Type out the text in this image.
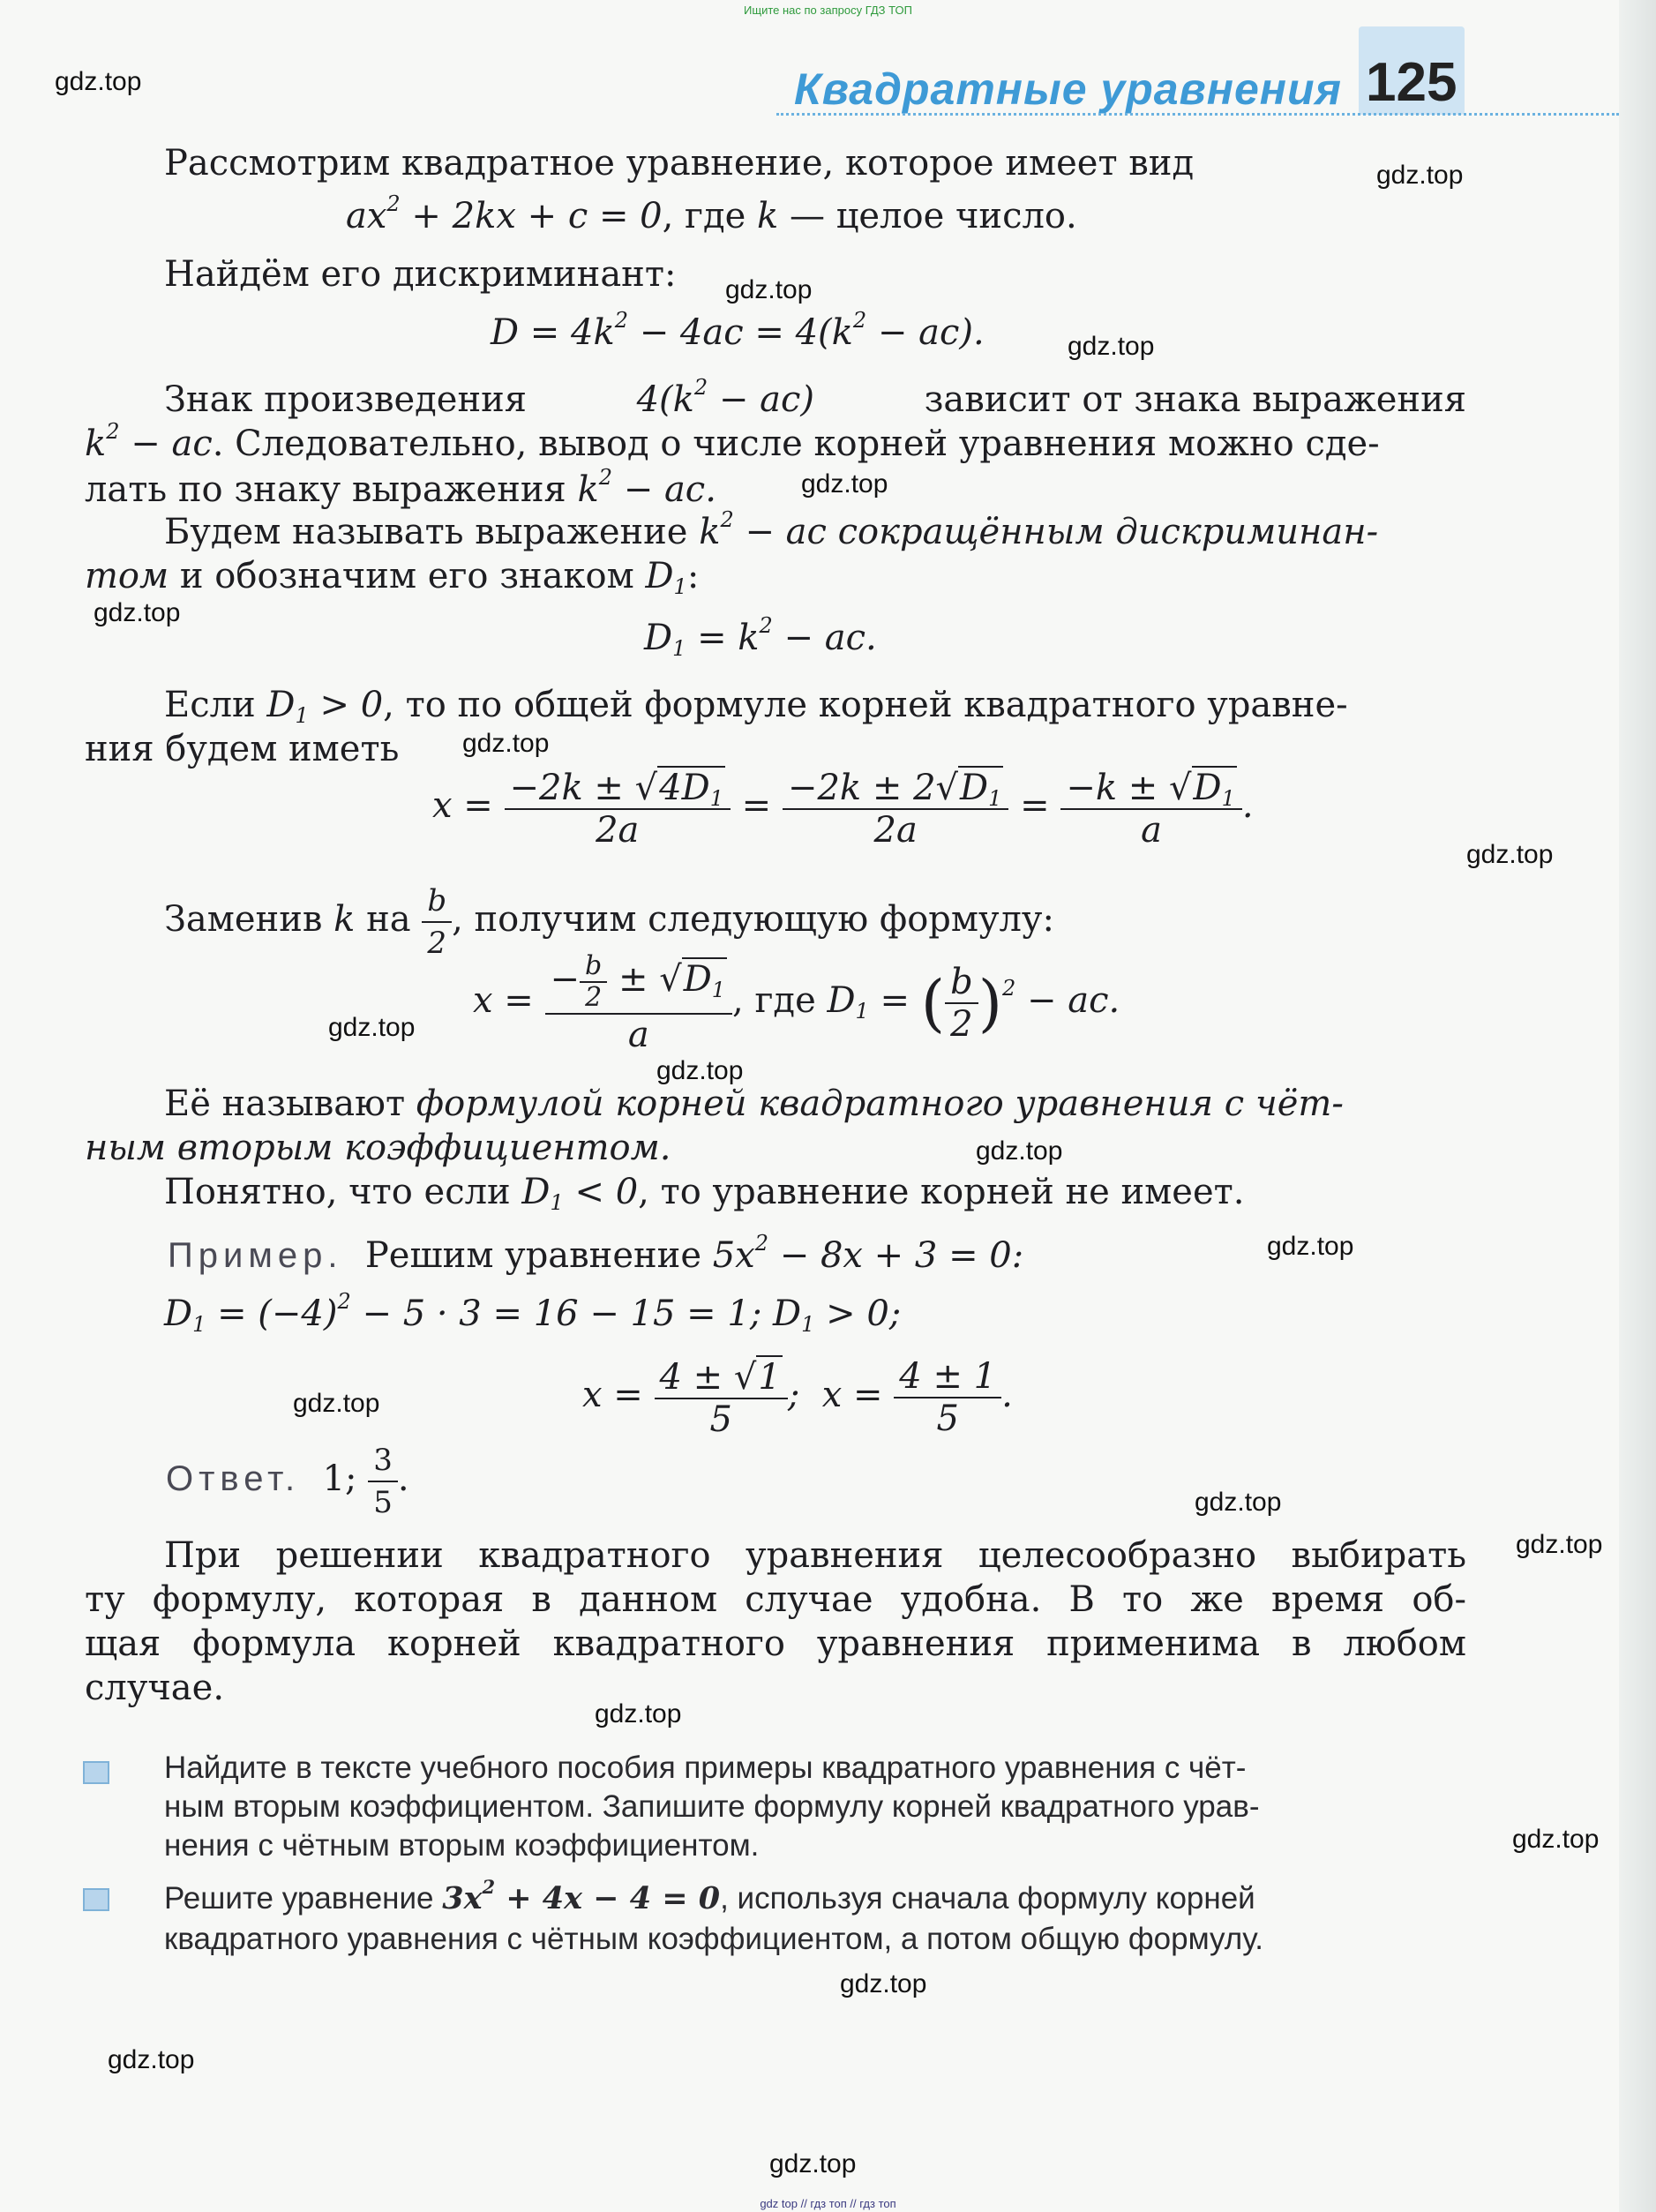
Ищите нас по запросу ГДЗ ТОП
Квадратные уравнения 125
gdz.top
gdz.top
gdz.top
gdz.top
gdz.top
gdz.top
gdz.top
gdz.top
gdz.top
gdz.top
gdz.top
gdz.top
gdz.top
gdz.top
gdz.top
gdz.top
gdz.top
gdz.top
gdz.top
gdz.top
Рассмотрим квадратное уравнение, которое имеет вид
$ax^2 + 2kx + c = 0$, где k — целое число.
Найдём его дискриминант:
$D = 4k^2 - 4ac = 4(k^2 - ac)$.
Знак произведения	$4(k^2 - ac)$	зависит от знака выражения
$k^2$ − ac. Следовательно, вывод о числе корней уравнения можно сде-
лать по знаку выражения $k^2$ − ac.
Будем называть выражение $k^2$ − ac сокращённым дискриминан-
том и обозначим его знаком $D_1$:
$D_1 = k^2$ − ac.
Если $D_1 > 0$, то по общей формуле корней квадратного уравне-
ния будем иметь
$x = \frac{-2k \pm √4D_1}{2a} = \frac{-2k \pm 2√D_1}{2a} = \frac{-k \pm √D_1}{a}$ .
Заменив k на $\frac{b}{2}$ , получим следующую формулу:
$x = \frac{- \frac{b}{2} \pm √D_1}{a}$ , где $D_1$ = ( $\frac{b}{2} )^2$ − ac.
Её называют формулой корней квадратного уравнения с чёт-
ным вторым коэффициентом.
Понятно, что если $D_1 < 0$, то уравнение корней не имеет.
Пример. Решим уравнение $5x^2 - 8x + 3 = 0$:
$D_1 = (-4)^2 - 5 \cdot 3 = 16 - 15 = 1$; $D_1 > 0$;
$x = \frac{4 \pm √1}{5}$ ;  $x = \frac{4 \pm 1}{5}$ .
Ответ.  1; $\frac{3}{5}$ .
При решении квадратного уравнения целесообразно выбирать
ту формулу, которая в данном случае удобна. В то же время об-
щая формула корней квадратного уравнения применима в любом
случае.
Найдите в тексте учебного пособия примеры квадратного уравнения с чёт-
ным вторым коэффициентом. Запишите формулу корней квадратного урав-
нения с чётным вторым коэффициентом.
Решите уравнение $3x^2 + 4x - 4 = 0$, используя сначала формулу корней
квадратного уравнения с чётным коэффициентом, а потом общую формулу.
gdz top // гдз топ // гдз топ
